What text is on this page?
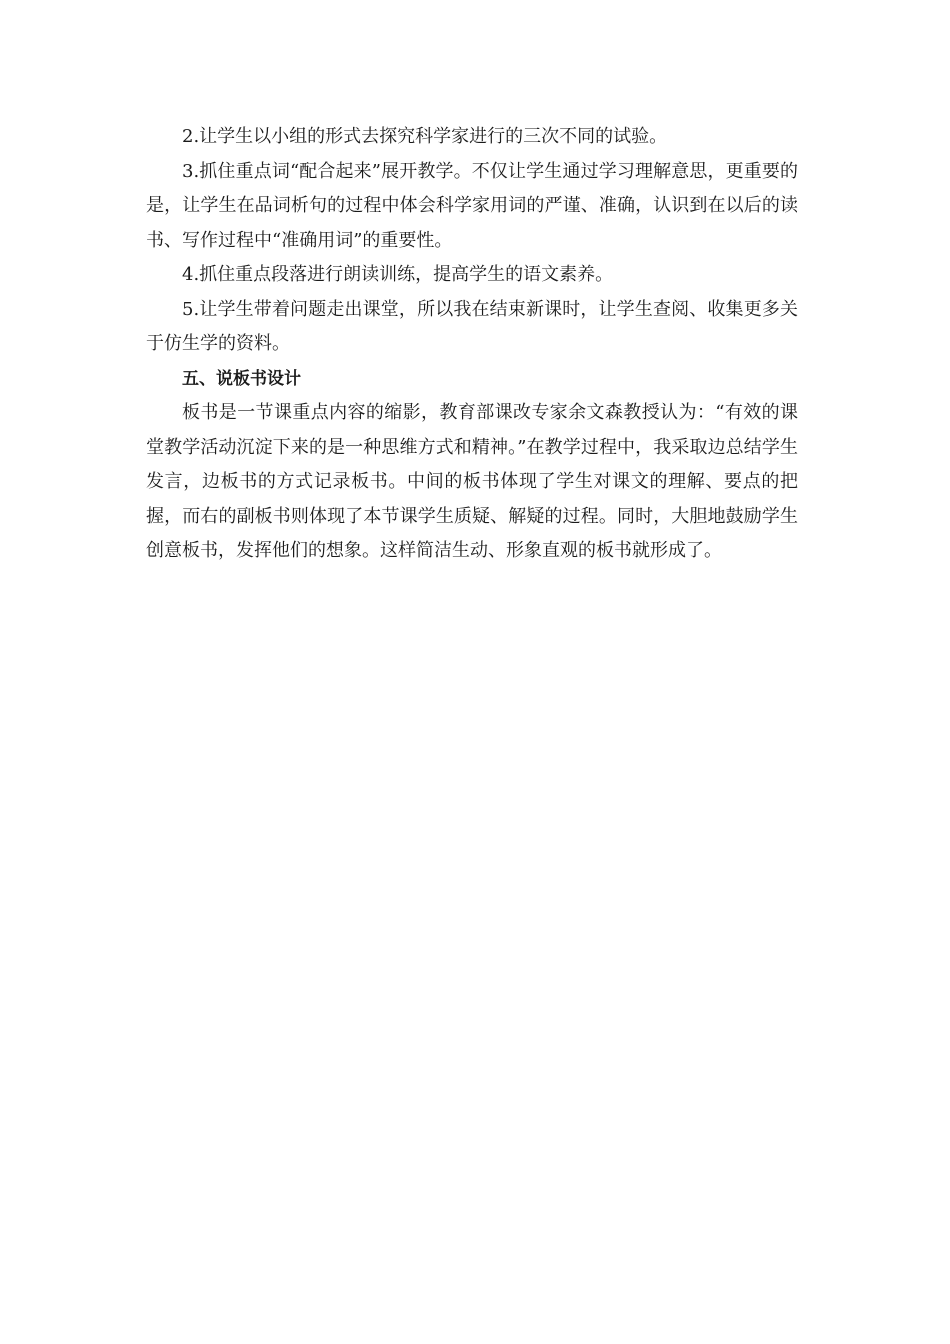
2.让学生以小组的形式去探究科学家进行的三次不同的试验。

3.抓住重点词“配合起来”展开教学。不仅让学生通过学习理解意思，更重要的是，让学生在品词析句的过程中体会科学家用词的严谨、准确，认识到在以后的读书、写作过程中“准确用词”的重要性。

4.抓住重点段落进行朗读训练，提高学生的语文素养。

5.让学生带着问题走出课堂，所以我在结束新课时，让学生查阅、收集更多关于仿生学的资料。

五、说板书设计

板书是一节课重点内容的缩影，教育部课改专家余文森教授认为：“有效的课堂教学活动沉淀下来的是一种思维方式和精神。”在教学过程中，我采取边总结学生发言，边板书的方式记录板书。中间的板书体现了学生对课文的理解、要点的把握，而右的副板书则体现了本节课学生质疑、解疑的过程。同时，大胆地鼓励学生创意板书，发挥他们的想象。这样简洁生动、形象直观的板书就形成了。
